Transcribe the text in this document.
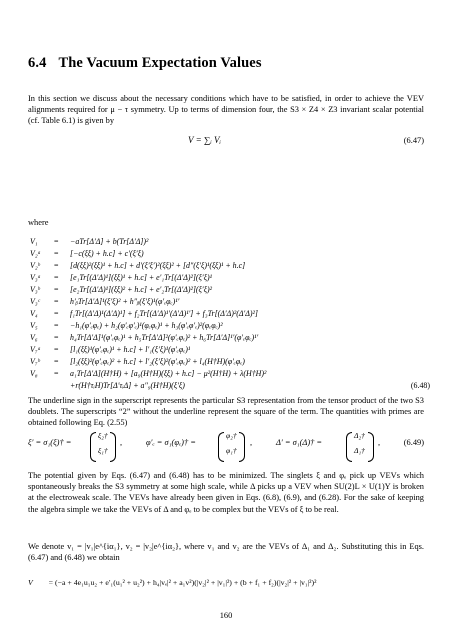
6.4 The Vacuum Expectation Values
In this section we discuss about the necessary conditions which have to be satisfied, in order to achieve the VEV alignments required for μ − τ symmetry. Up to terms of dimension four, the S3 × Z4 × Z3 invariant scalar potential (cf. Table 6.1) is given by
V = ∑ᵢ Vᵢ	(6.47)
where
V₁ = −aTr[Δ′Δ] + b(Tr[Δ′Δ])²
V₂ᵃ = [−c(ξξ) + h.c] + c′(ξ′ξ)
V₂ᵇ = [d(ξξ)²(ξξ)¹ + h.c] + d′(ξ′ξ′)²(ξξ)² + [d″(ξ′ξ)¹(ξξ)¹ + h.c]
V₃ᵃ = [e₁Tr[(Δ′Δ)¹](ξξ)¹ + h.c] + e′₁Tr[(Δ′Δ)²](ξ′ξ)¹
V₃ᵇ = [e₂Tr[(Δ′Δ)¹](ξξ)² + h.c] + e′₂Tr[(Δ′Δ)²](ξ′ξ)²
V₃ᶜ = h′ᵦTr[Δ′Δ]¹(ξ′ξ)² + h″ᵦ(ξ′ξ)¹(φ′ₑφₑ)¹′
V₄ = f₁Tr[(Δ′Δ)¹(Δ′Δ)¹] + f₂Tr[(Δ′Δ)¹′(Δ′Δ)¹′] + f₃Tr[(Δ′Δ)²(Δ′Δ)²]
V₅ = −h₁(φ′ₑφₑ) + h₂(φ′ₑφ′ₑ)¹(φₑφₑ)¹ + h₃(φ′ₑφ′ₑ)²(φₑφₑ)²
V₆ = h₄Tr[Δ′Δ]¹(φ′ₑφₑ)¹ + h₅Tr[Δ′Δ]²(φ′ₑφₑ)² + h₆Tr[Δ′Δ]¹′(φ′ₑφₑ)¹′
V₇ᵃ = [l₁(ξξ)¹(φ′ₑφₑ)¹ + h.c] + l′₁(ξ′ξ)¹(φ′ₑφₑ)¹
V₇ᵇ = [l₂(ξξ)²(φ′ₑφₑ)² + h.c] + l′₂(ξ′ξ)²(φ′ₑφₑ)² + l₄(H†H)(φ′ₑφₑ)
V₈ = a₁Tr[Δ′Δ](H†H) + [a₉(H†H)(ξξ) + h.c] − μ²(H†H) + λ(H†H)²
+r(H†τᵢH)Tr[Δ′τᵢΔ] + a″₉(H†H)(ξ′ξ)	(6.48)
The underline sign in the superscript represents the particular S3 representation from the tensor product of the two S3 doublets. The superscripts “2” without the underline represent the square of the term. The quantities with primes are obtained following Eq. (2.55)
ξ′ = σ₁(ξ)† =
ξ₂†
ξ₁†
,	φ′ₑ = σ₁(φₑ)† =
φ₂†
φ₁†
,	Δ′ = σ₁(Δ)† =
Δ₂†
Δ₁†
,	(6.49)
The potential given by Eqs. (6.47) and (6.48) has to be minimized. The singlets ξ and φₑ pick up VEVs which spontaneously breaks the S3 symmetry at some high scale, while Δ picks up a VEV when SU(2)L × U(1)Y is broken at the electroweak scale. The VEVs have already been given in Eqs. (6.8), (6.9), and (6.28). For the sake of keeping the algebra simple we take the VEVs of Δ and φₑ to be complex but the VEVs of ξ to be real.
We denote v₁ = |v₁|e^{iα₁}, v₂ = |v₂|e^{iα₂}, where v₁ and v₂ are the VEVs of Δ₁ and Δ₂. Substituting this in Eqs. (6.47) and (6.48) we obtain
V = (−a + 4e₁u₁u₂ + e′₁(u₁² + u₂²) + h₄|vₑ|² + a₁v²)(|v₂|² + |v₁|²) + (b + f₁ + f₂)(|v₂|² + |v₁|²)²
160
